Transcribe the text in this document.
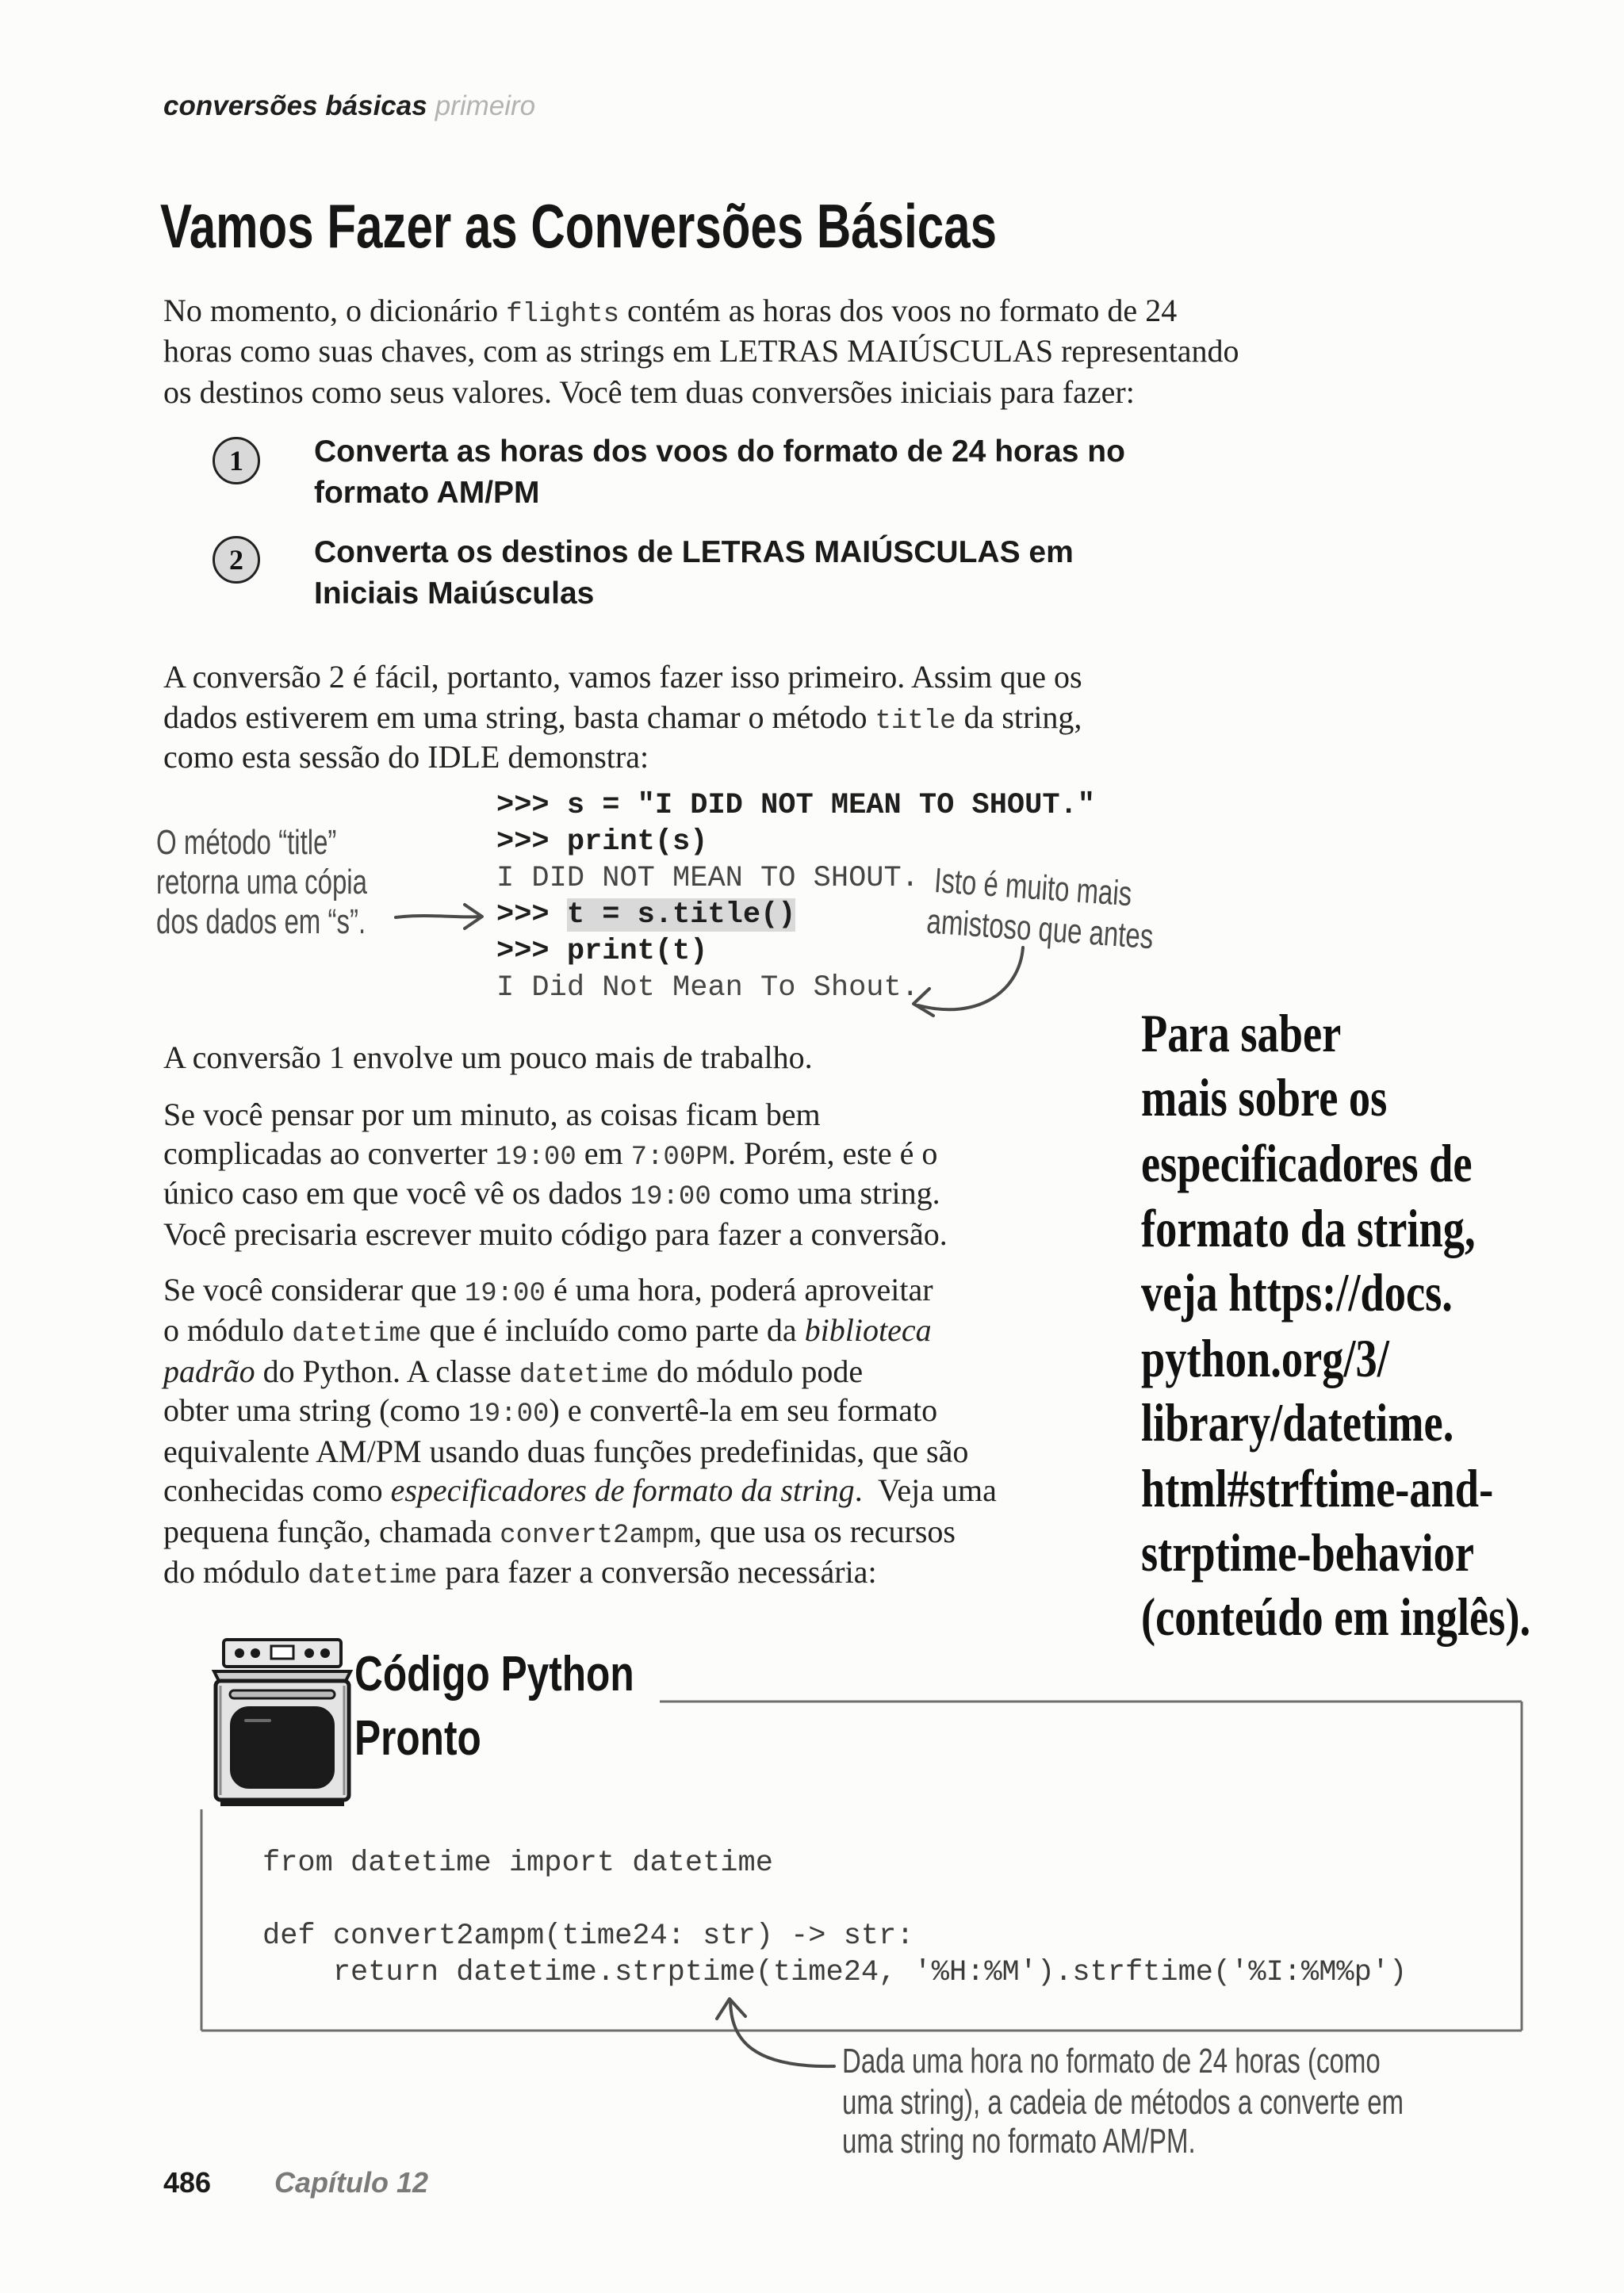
conversões básicas primeiro
Vamos Fazer as Conversões Básicas
No momento, o dicionário flights contém as horas dos voos no formato de 24
horas como suas chaves, com as strings em LETRAS MAIÚSCULAS representando
os destinos como seus valores. Você tem duas conversões iniciais para fazer:
1	Converta as horas dos voos do formato de 24 horas no
formato AM/PM
2	Converta os destinos de LETRAS MAIÚSCULAS em
Iniciais Maiúsculas
A conversão 2 é fácil, portanto, vamos fazer isso primeiro. Assim que os
dados estiverem em uma string, basta chamar o método title da string,
como esta sessão do IDLE demonstra:
>>> s = "I DID NOT MEAN TO SHOUT."
>>> print(s)
I DID NOT MEAN TO SHOUT.
>>> t = s.title()
>>> print(t)
I Did Not Mean To Shout.
O método “title”
retorna uma cópia
dos dados em “s”.
Isto é muito mais
amistoso que antes
A conversão 1 envolve um pouco mais de trabalho.
Se você pensar por um minuto, as coisas ficam bem
complicadas ao converter 19:00 em 7:00PM. Porém, este é o
único caso em que você vê os dados 19:00 como uma string.
Você precisaria escrever muito código para fazer a conversão.
Se você considerar que 19:00 é uma hora, poderá aproveitar
o módulo datetime que é incluído como parte da biblioteca
padrão do Python. A classe datetime do módulo pode
obter uma string (como 19:00) e convertê-la em seu formato
equivalente AM/PM usando duas funções predefinidas, que são
conhecidas como especificadores de formato da string.  Veja uma
pequena função, chamada convert2ampm, que usa os recursos
do módulo datetime para fazer a conversão necessária:
Para saber
mais sobre os
especificadores de
formato da string,
veja https://docs.
python.org/3/
library/datetime.
html#strftime-and-
strptime-behavior
(conteúdo em inglês).

Código Python
Pronto
from datetime import datetime
def convert2ampm(time24: str) -> str:
return datetime.strptime(time24, '%H:%M').strftime('%I:%M%p')
Dada uma hora no formato de 24 horas (como
uma string), a cadeia de métodos a converte em
uma string no formato AM/PM.
486 Capítulo 12
